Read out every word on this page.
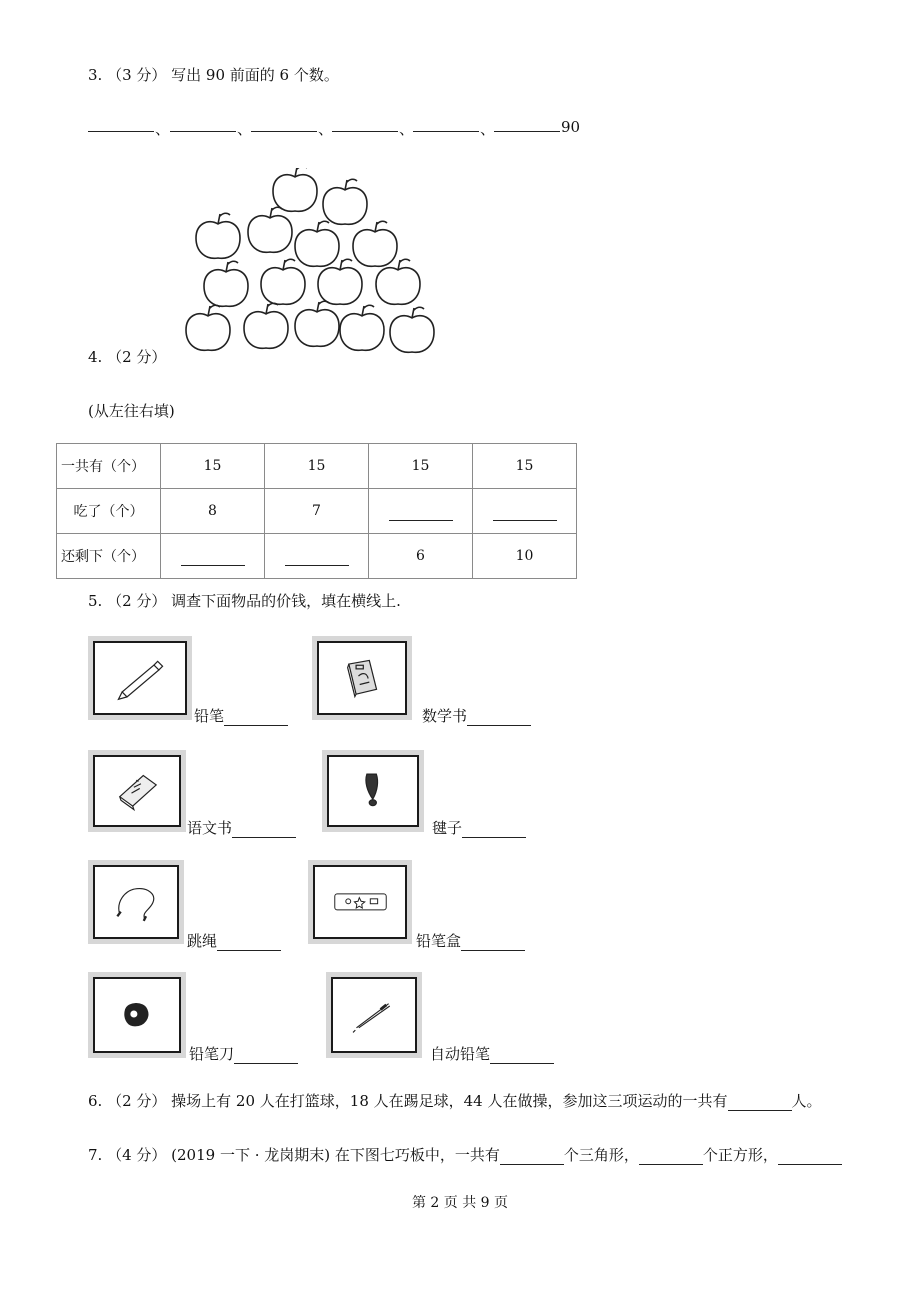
3. （3 分） 写出 90 前面的 6 个数。
、	、	、	、	、	90
4. （2 分）
(从左往右填)
一共有（个）	15	15	15	15
吃了（个）	8	7		
还剩下（个）			6	10
5. （2 分） 调查下面物品的价钱，填在横线上.
铅笔	数学书
语文书	毽子
跳绳	铅笔盒
铅笔刀	自动铅笔
6. （2 分） 操场上有 20 人在打篮球，18 人在踢足球，44 人在做操，参加这三项运动的一共有	人。
7. （4 分） (2019 一下 · 龙岗期末) 在下图七巧板中，一共有	个三角形，	个正方形，
第 2 页 共 9 页
